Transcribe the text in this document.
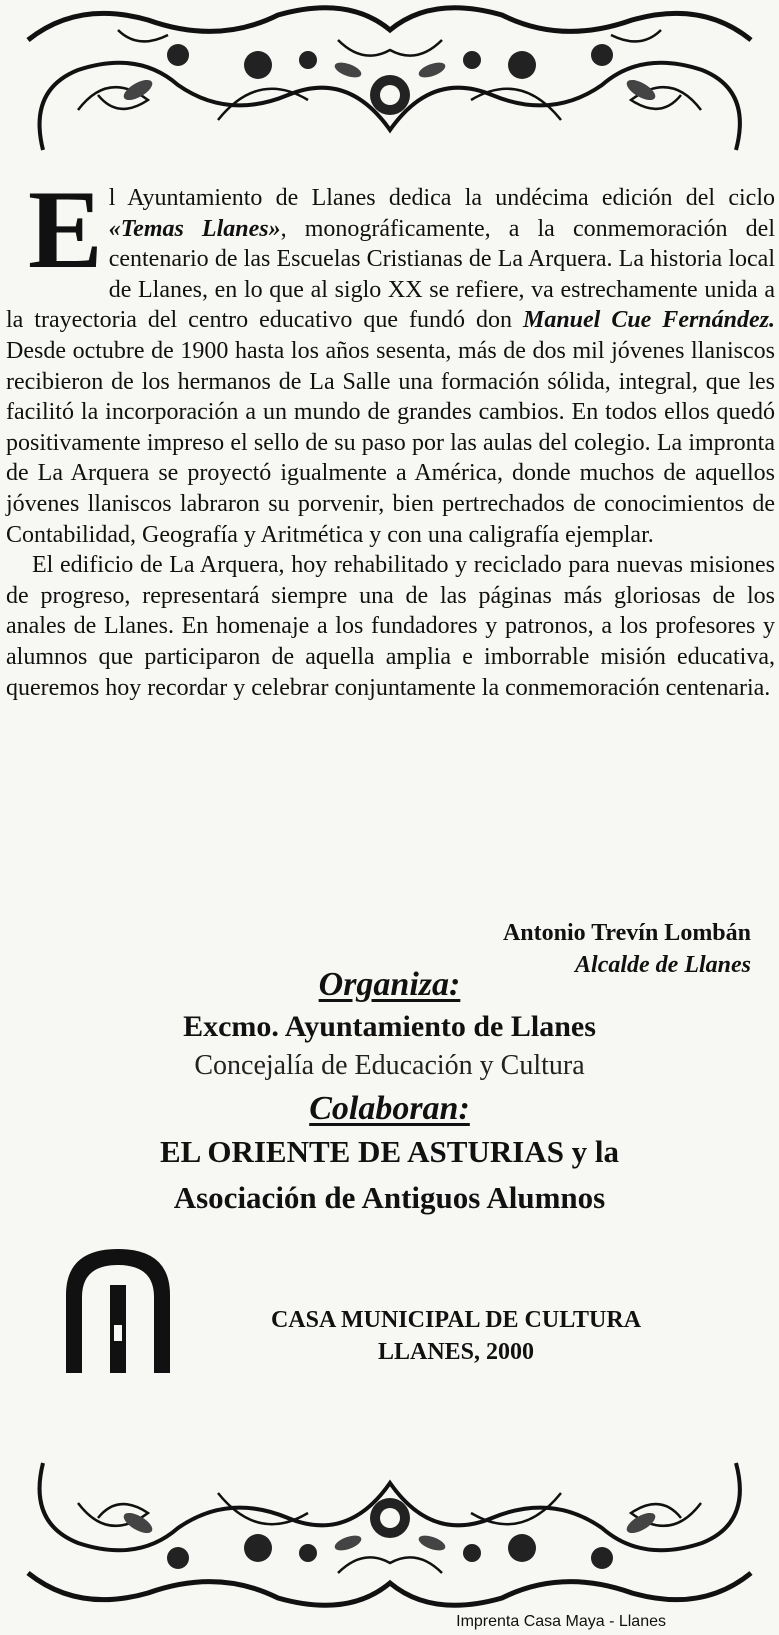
El Ayuntamiento de Llanes dedica la undécima edición del ciclo «Temas Llanes», monográficamente, a la conmemoración del centenario de las Escuelas Cristianas de La Arquera. La historia local de Llanes, en lo que al siglo XX se refiere, va estrechamente unida a la trayectoria del centro educativo que fundó don Manuel Cue Fernández. Desde octubre de 1900 hasta los años sesenta, más de dos mil jóvenes llaniscos recibieron de los hermanos de La Salle una formación sólida, integral, que les facilitó la incorporación a un mundo de grandes cambios. En todos ellos quedó positivamente impreso el sello de su paso por las aulas del colegio. La impronta de La Arquera se proyectó igualmente a América, donde muchos de aquellos jóvenes llaniscos labraron su porvenir, bien pertrechados de conocimientos de Contabilidad, Geografía y Aritmética y con una caligrafía ejemplar.

El edificio de La Arquera, hoy rehabilitado y reciclado para nuevas misiones de progreso, representará siempre una de las páginas más gloriosas de los anales de Llanes. En homenaje a los fundadores y patronos, a los profesores y alumnos que participaron de aquella amplia e imborrable misión educativa, queremos hoy recordar y celebrar conjuntamente la conmemoración centenaria.

Antonio Trevín Lombán
Alcalde de Llanes
Organiza:
Excmo. Ayuntamiento de Llanes
Concejalía de Educación y Cultura
Colaboran:
EL ORIENTE DE ASTURIAS y la
Asociación de Antiguos Alumnos
CASA MUNICIPAL DE CULTURA
LLANES, 2000
Imprenta Casa Maya - Llanes
